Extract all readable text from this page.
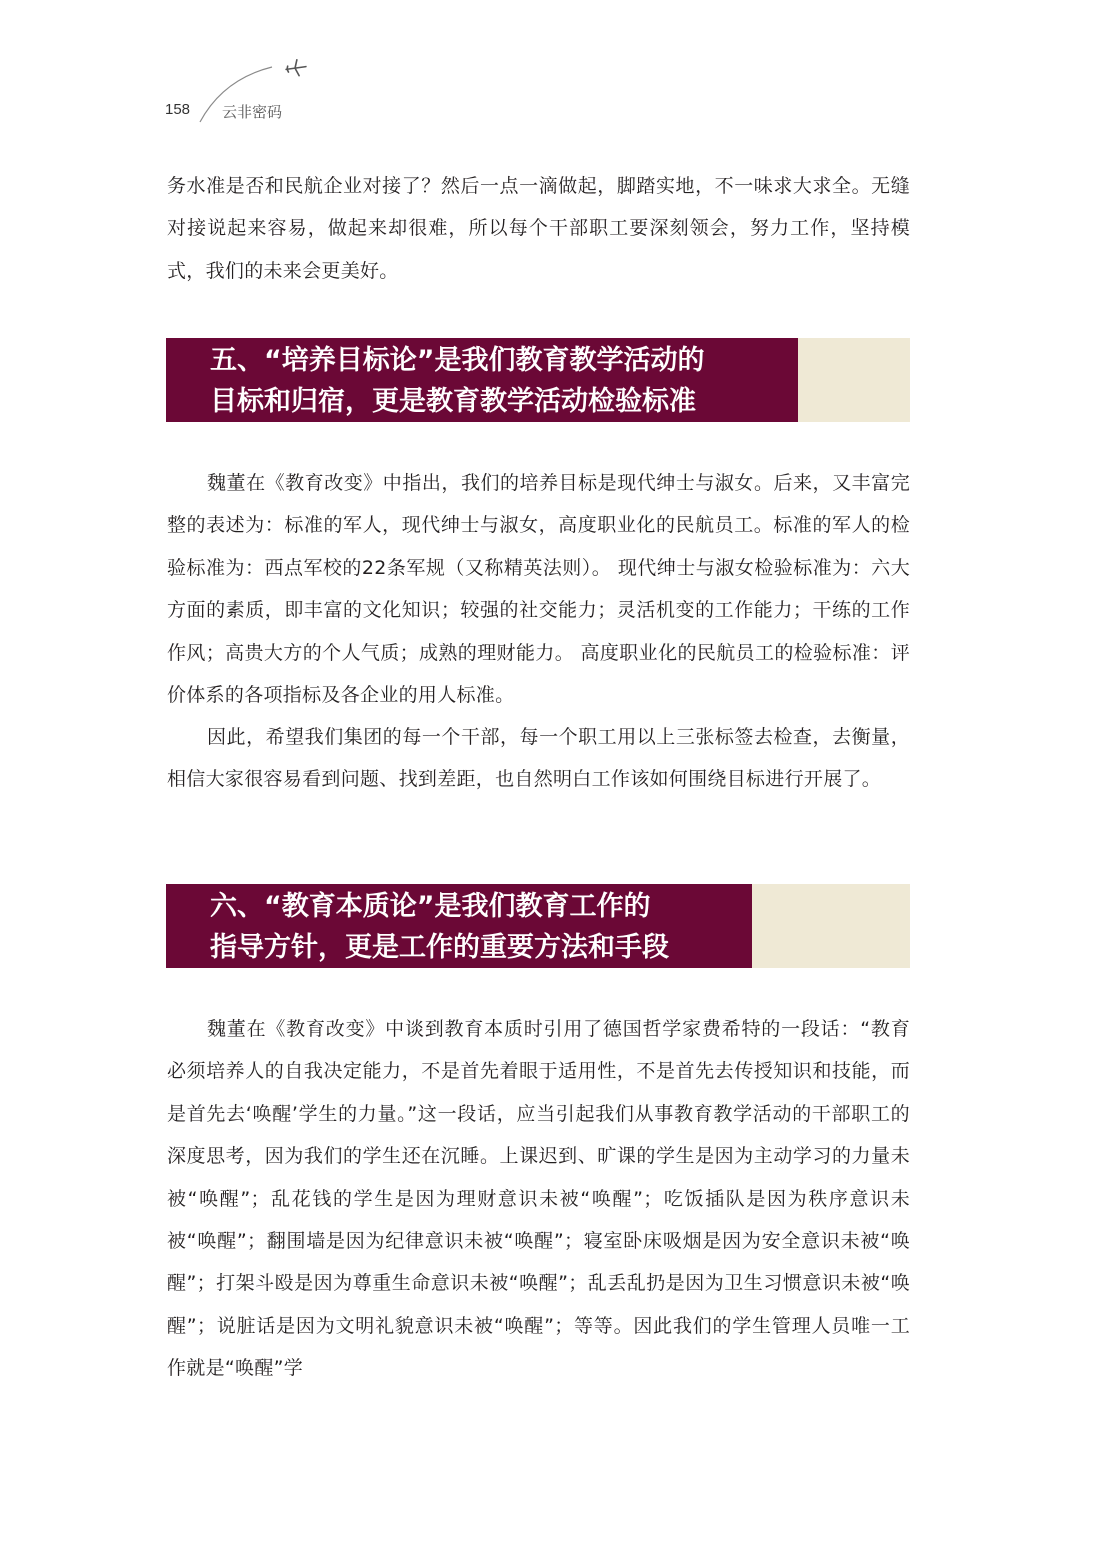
158 云非密码

务水准是否和民航企业对接了？然后一点一滴做起，脚踏实地，不一味求大求全。无缝对接说起来容易，做起来却很难，所以每个干部职工要深刻领会，努力工作，坚持模式，我们的未来会更美好。

五、“培养目标论”是我们教育教学活动的
目标和归宿，更是教育教学活动检验标准

魏董在《教育改变》中指出，我们的培养目标是现代绅士与淑女。后来，又丰富完整的表述为：标准的军人，现代绅士与淑女，高度职业化的民航员工。标准的军人的检验标准为：西点军校的22条军规（又称精英法则）。 现代绅士与淑女检验标准为：六大方面的素质，即丰富的文化知识；较强的社交能力；灵活机变的工作能力；干练的工作作风；高贵大方的个人气质；成熟的理财能力。 高度职业化的民航员工的检验标准：评价体系的各项指标及各企业的用人标准。

因此，希望我们集团的每一个干部，每一个职工用以上三张标签去检查，去衡量，相信大家很容易看到问题、找到差距，也自然明白工作该如何围绕目标进行开展了。

六、“教育本质论”是我们教育工作的
指导方针，更是工作的重要方法和手段

魏董在《教育改变》中谈到教育本质时引用了德国哲学家费希特的一段话：“教育必须培养人的自我决定能力，不是首先着眼于适用性，不是首先去传授知识和技能，而是首先去‘唤醒’学生的力量。”这一段话，应当引起我们从事教育教学活动的干部职工的深度思考，因为我们的学生还在沉睡。上课迟到、旷课的学生是因为主动学习的力量未被“唤醒”；乱花钱的学生是因为理财意识未被“唤醒”；吃饭插队是因为秩序意识未被“唤醒”；翻围墙是因为纪律意识未被“唤醒”；寝室卧床吸烟是因为安全意识未被“唤醒”；打架斗殴是因为尊重生命意识未被“唤醒”；乱丢乱扔是因为卫生习惯意识未被“唤醒”；说脏话是因为文明礼貌意识未被“唤醒”；等等。因此我们的学生管理人员唯一工作就是“唤醒”学
